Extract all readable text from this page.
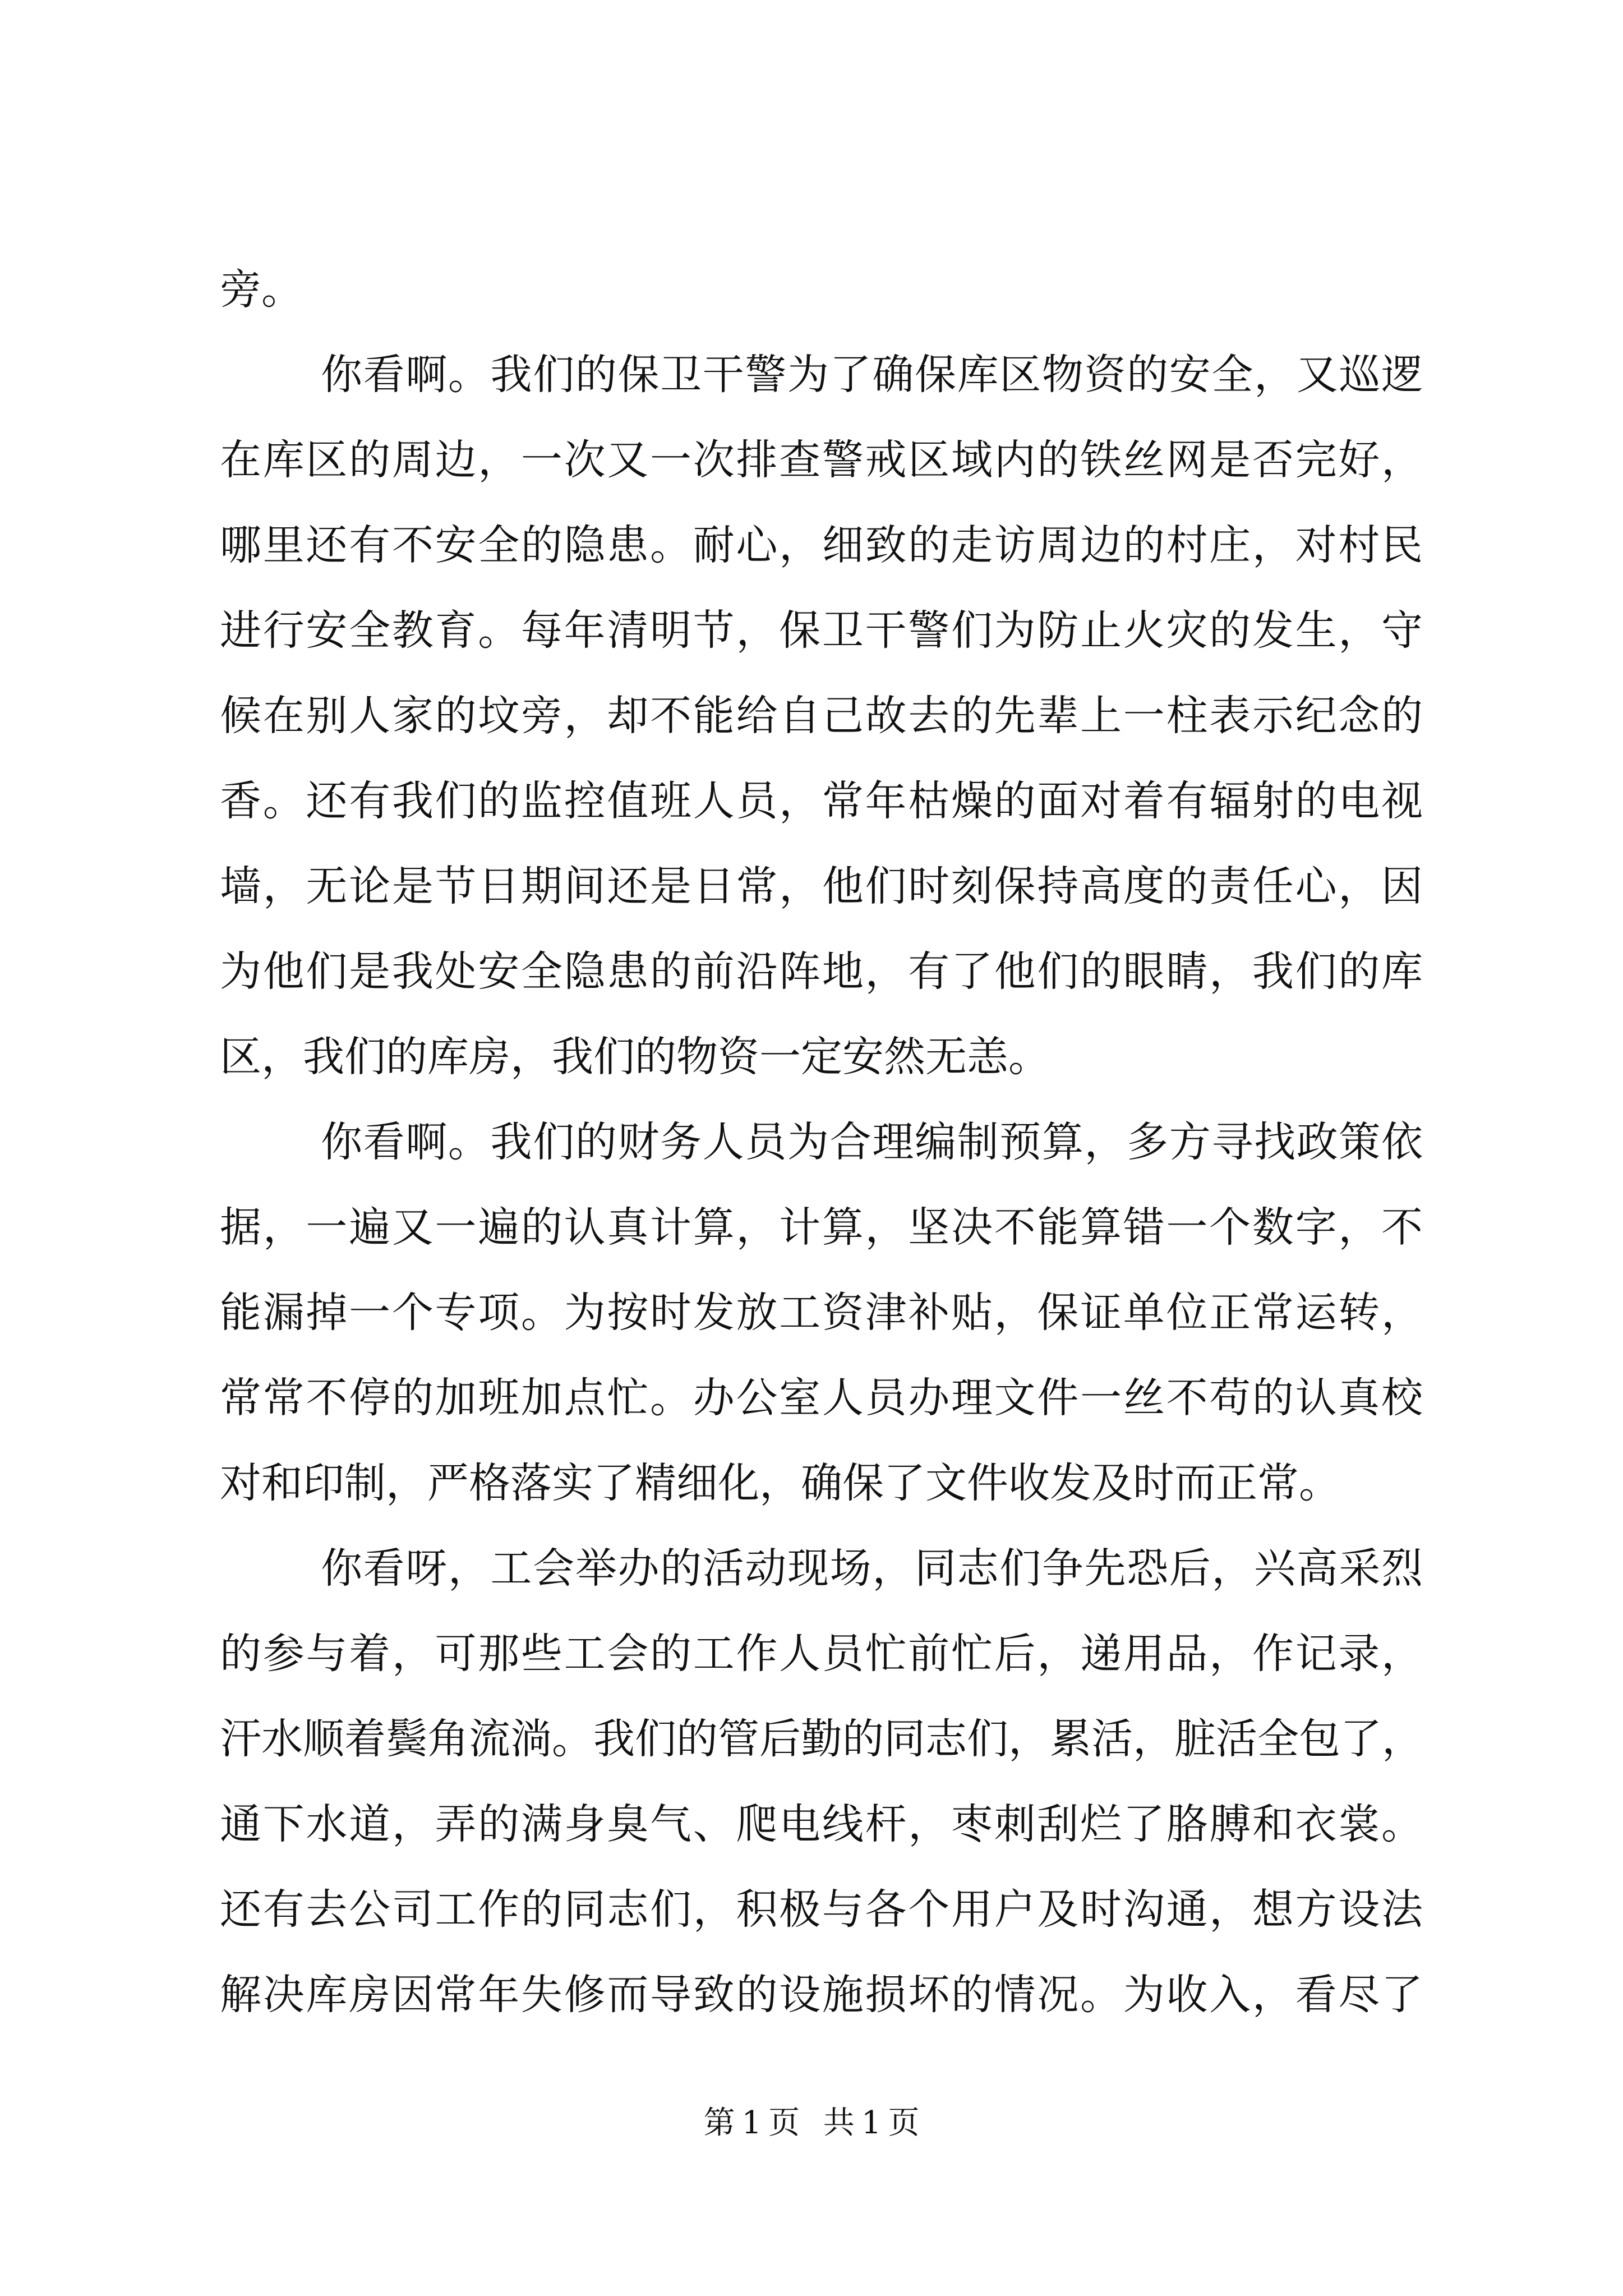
旁。
你看啊。我们的保卫干警为了确保库区物资的安全，又巡逻
在库区的周边，一次又一次排查警戒区域内的铁丝网是否完好，
哪里还有不安全的隐患。耐心，细致的走访周边的村庄，对村民
进行安全教育。每年清明节，保卫干警们为防止火灾的发生，守
候在别人家的坟旁，却不能给自己故去的先辈上一柱表示纪念的
香。还有我们的监控值班人员，常年枯燥的面对着有辐射的电视
墙，无论是节日期间还是日常，他们时刻保持高度的责任心，因
为他们是我处安全隐患的前沿阵地，有了他们的眼睛，我们的库
区，我们的库房，我们的物资一定安然无恙。
你看啊。我们的财务人员为合理编制预算，多方寻找政策依
据，一遍又一遍的认真计算，计算，坚决不能算错一个数字，不
能漏掉一个专项。为按时发放工资津补贴，保证单位正常运转，
常常不停的加班加点忙。办公室人员办理文件一丝不苟的认真校
对和印制，严格落实了精细化，确保了文件收发及时而正常。
你看呀，工会举办的活动现场，同志们争先恐后，兴高采烈
的参与着，可那些工会的工作人员忙前忙后，递用品，作记录，
汗水顺着鬓角流淌。我们的管后勤的同志们，累活，脏活全包了，
通下水道，弄的满身臭气、爬电线杆，枣刺刮烂了胳膊和衣裳。
还有去公司工作的同志们，积极与各个用户及时沟通，想方设法
解决库房因常年失修而导致的设施损坏的情况。为收入，看尽了
第 1 页 共 1 页
